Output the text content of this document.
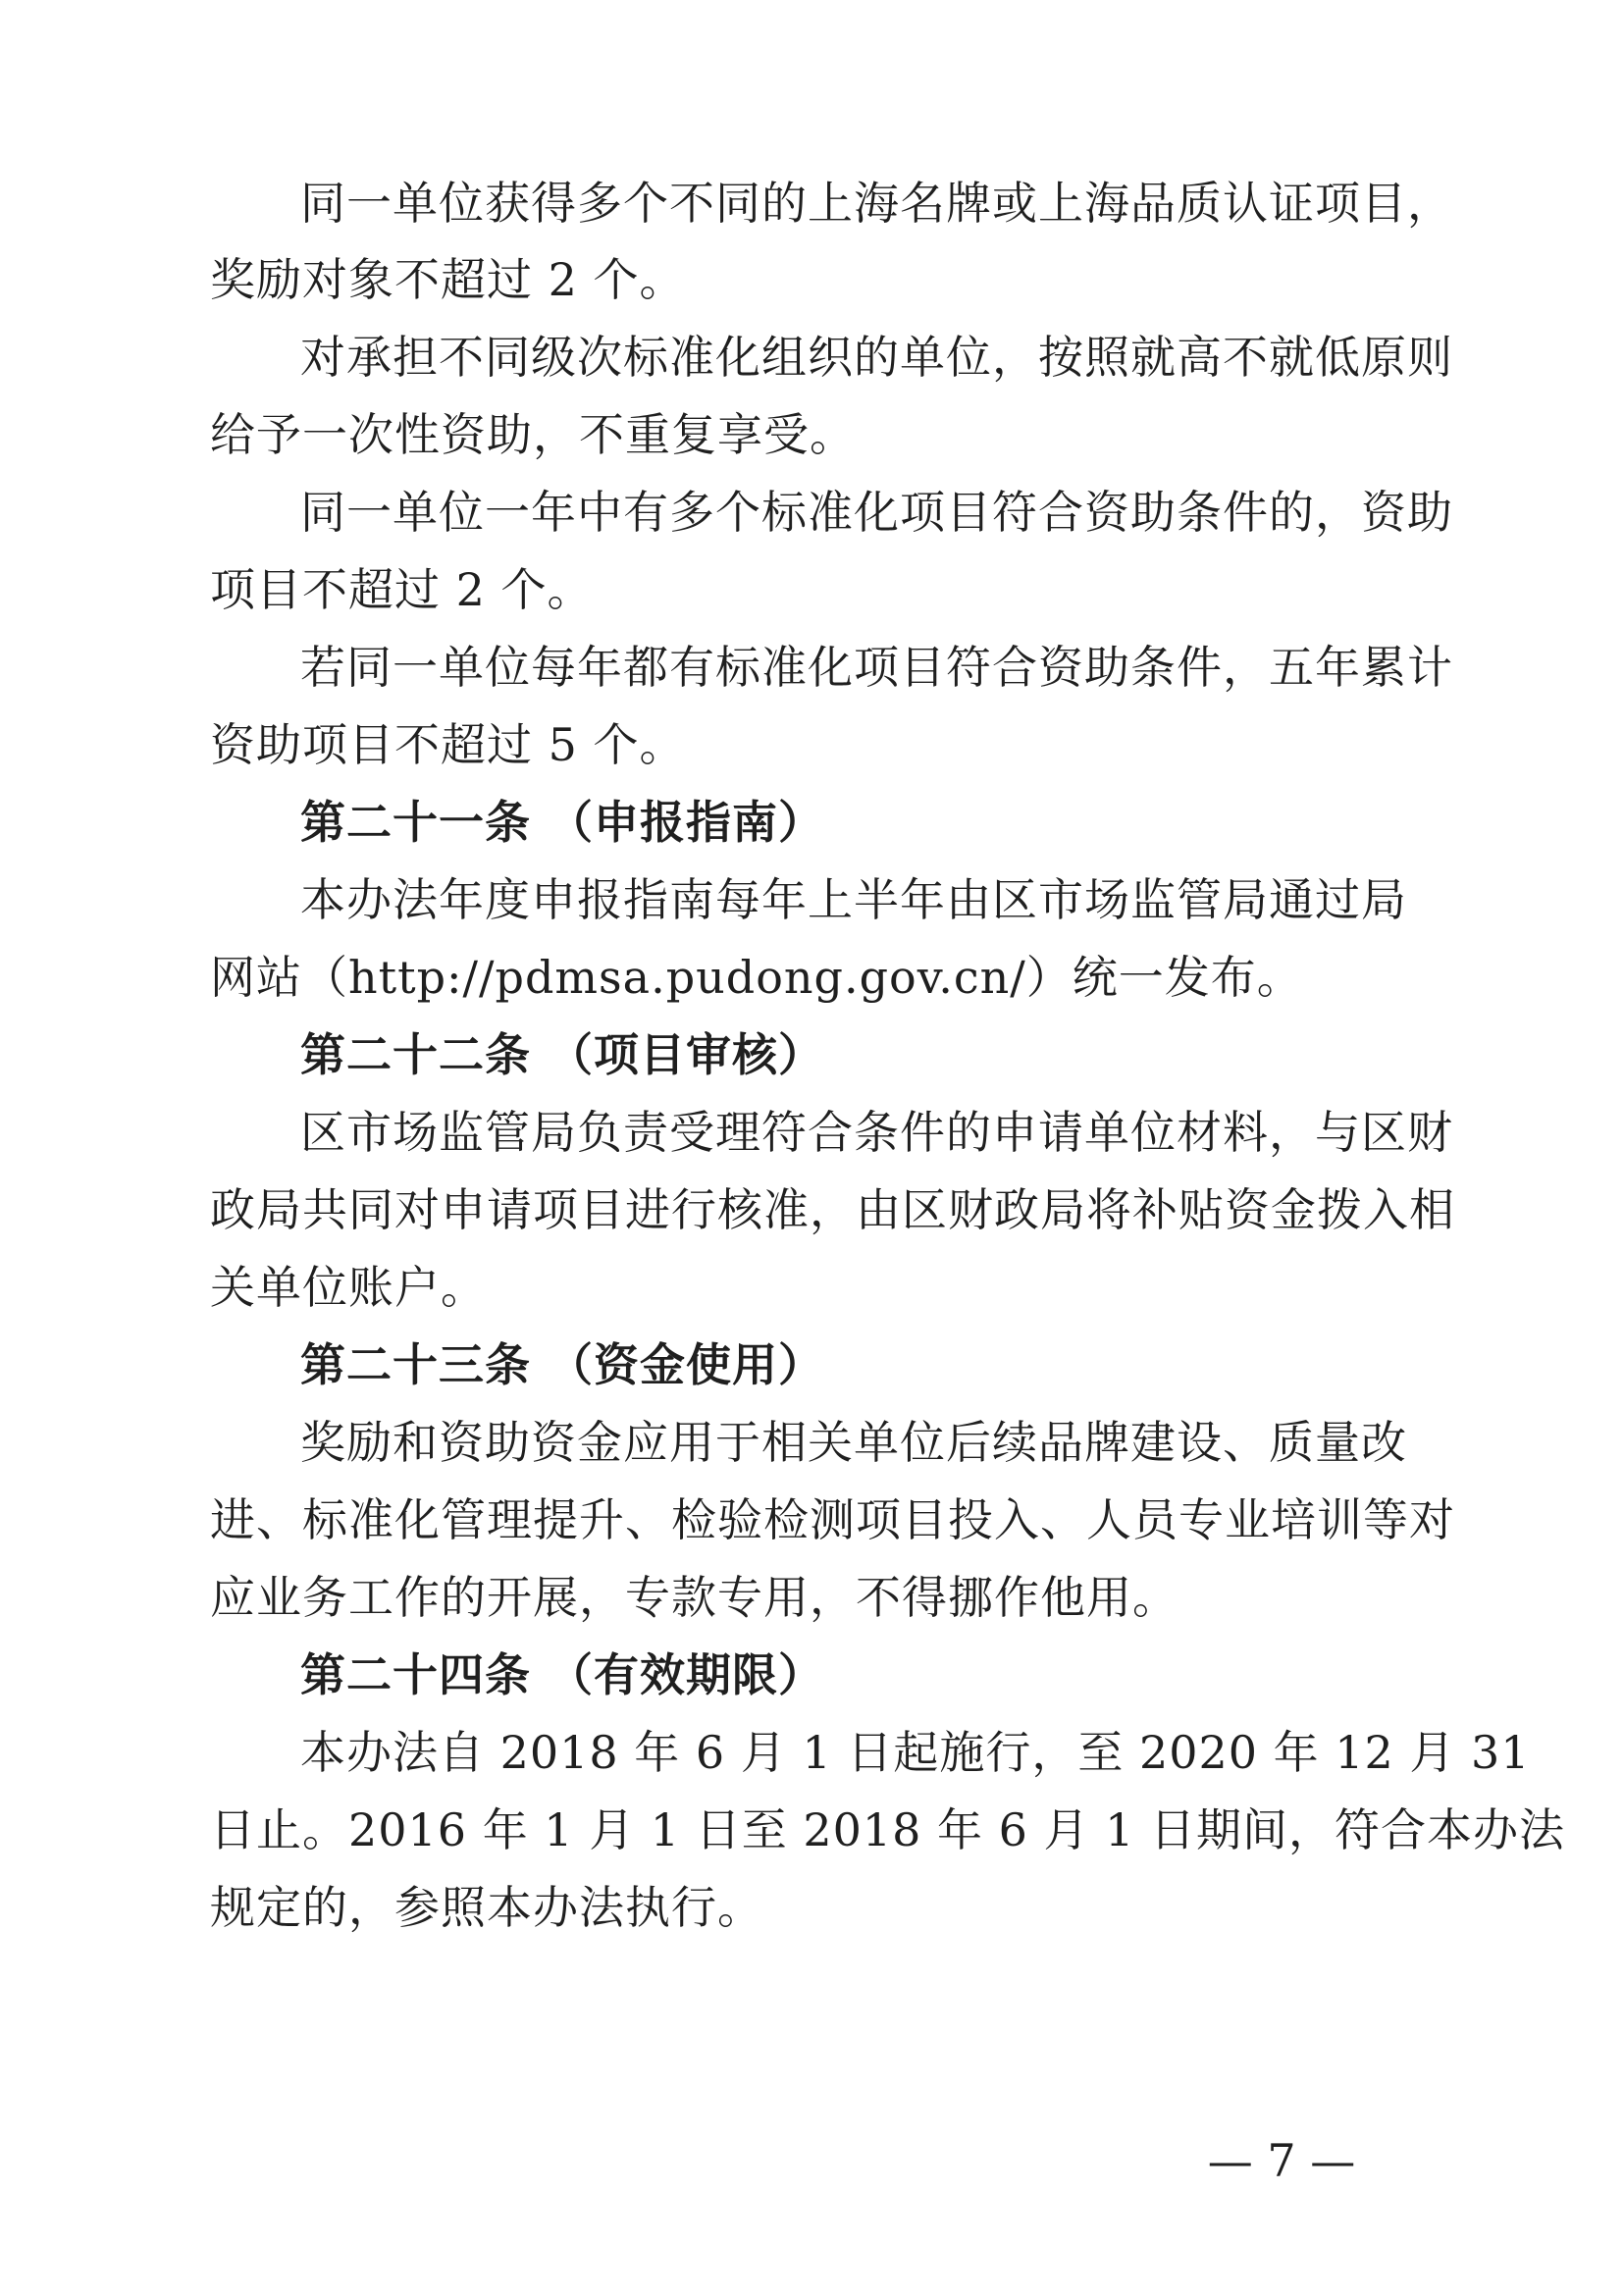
同一单位获得多个不同的上海名牌或上海品质认证项目，
奖励对象不超过 2 个。
对承担不同级次标准化组织的单位，按照就高不就低原则
给予一次性资助，不重复享受。
同一单位一年中有多个标准化项目符合资助条件的，资助
项目不超过 2 个。
若同一单位每年都有标准化项目符合资助条件，五年累计
资助项目不超过 5 个。
第二十一条 （申报指南）
本办法年度申报指南每年上半年由区市场监管局通过局
网站（http://pdmsa.pudong.gov.cn/）统一发布。
第二十二条 （项目审核）
区市场监管局负责受理符合条件的申请单位材料，与区财
政局共同对申请项目进行核准，由区财政局将补贴资金拨入相
关单位账户。
第二十三条 （资金使用）
奖励和资助资金应用于相关单位后续品牌建设、质量改
进、标准化管理提升、检验检测项目投入、人员专业培训等对
应业务工作的开展，专款专用，不得挪作他用。
第二十四条 （有效期限）
本办法自 2018 年 6 月 1 日起施行，至 2020 年 12 月 31
日止。2016 年 1 月 1 日至 2018 年 6 月 1 日期间，符合本办法
规定的，参照本办法执行。
— 7 —
